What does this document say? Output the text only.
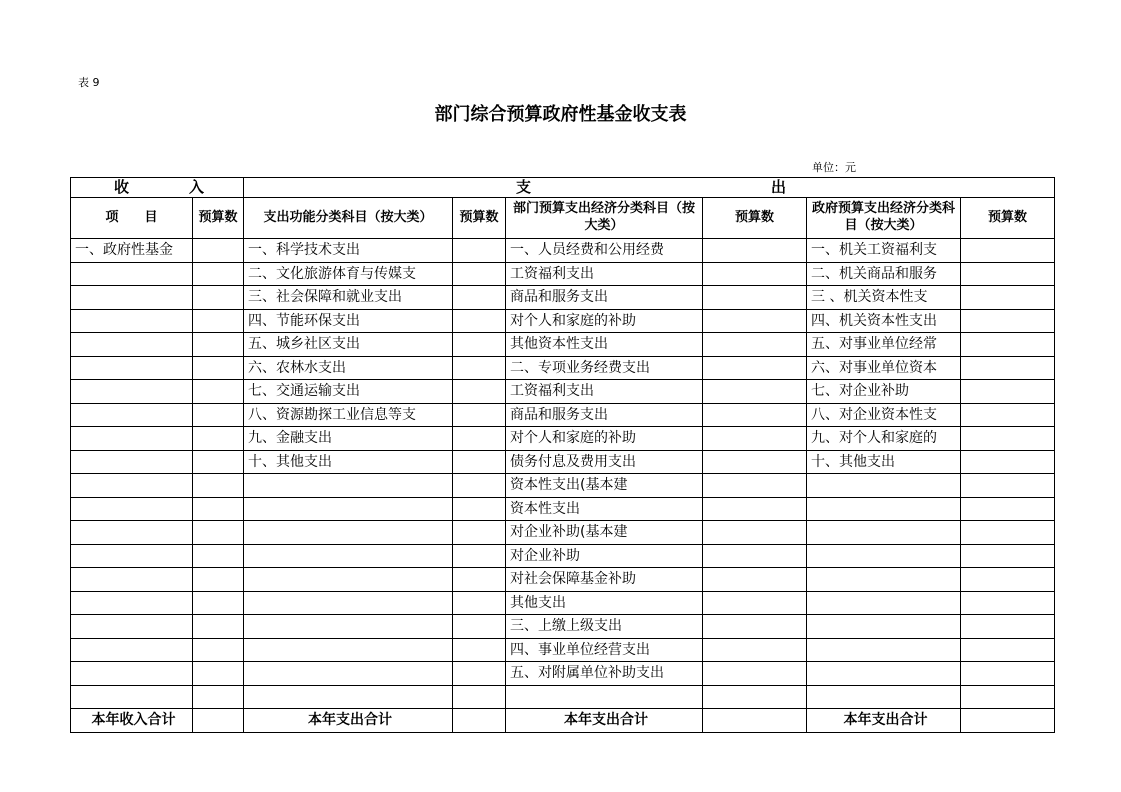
表 9
部门综合预算政府性基金收支表
单位：元
收　　　　入		支　　　　　　　　　　　　　　　　出					
项　　目	预算数	支出功能分类科目（按大类）	预算数	部门预算支出经济分类科目（按大类）	预算数	政府预算支出经济分类科目（按大类）	预算数
一、政府性基金		一、科学技术支出		一、人员经费和公用经费		一、机关工资福利支	
		二、文化旅游体育与传媒支		工资福利支出		二、机关商品和服务	
		三、社会保障和就业支出		商品和服务支出		三 、机关资本性支	
		四、节能环保支出		对个人和家庭的补助		四、机关资本性支出	
		五、城乡社区支出		其他资本性支出		五、对事业单位经常	
		六、农林水支出		二、专项业务经费支出		六、对事业单位资本	
		七、交通运输支出		工资福利支出		七、对企业补助	
		八、资源勘探工业信息等支		商品和服务支出		八、对企业资本性支	
		九、金融支出		对个人和家庭的补助		九、对个人和家庭的	
		十、其他支出		债务付息及费用支出		十、其他支出	
				资本性支出(基本建			
				资本性支出			
				对企业补助(基本建			
				对企业补助			
				对社会保障基金补助			
				其他支出			
				三、上缴上级支出			
				四、事业单位经营支出			
				五、对附属单位补助支出			

本年收入合计		本年支出合计		本年支出合计		本年支出合计	
